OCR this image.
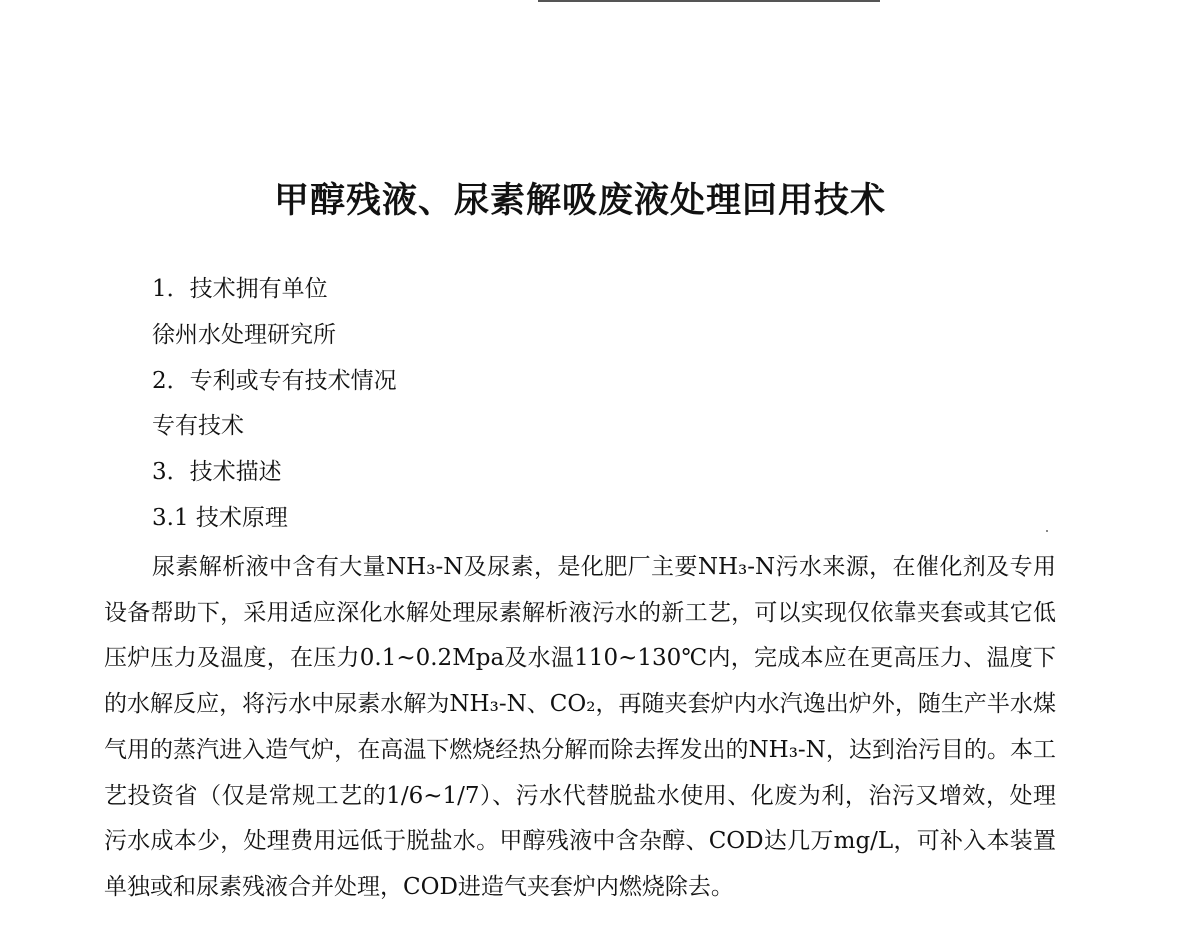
甲醇残液、尿素解吸废液处理回用技术
1．技术拥有单位
徐州水处理研究所
2．专利或专有技术情况
专有技术
3．技术描述
3.1 技术原理

尿素解析液中含有大量NH₃-N及尿素，是化肥厂主要NH₃-N污水来源，在催化剂及专用设备帮助下，采用适应深化水解处理尿素解析液污水的新工艺，可以实现仅依靠夹套或其它低压炉压力及温度，在压力0.1~0.2Mpa及水温110~130℃内，完成本应在更高压力、温度下的水解反应，将污水中尿素水解为NH₃-N、CO₂，再随夹套炉内水汽逸出炉外，随生产半水煤气用的蒸汽进入造气炉，在高温下燃烧经热分解而除去挥发出的NH₃-N，达到治污目的。本工艺投资省（仅是常规工艺的1/6~1/7）、污水代替脱盐水使用、化废为利，治污又增效，处理污水成本少，处理费用远低于脱盐水。甲醇残液中含杂醇、COD达几万mg/L，可补入本装置单独或和尿素残液合并处理，COD进造气夹套炉内燃烧除去。
